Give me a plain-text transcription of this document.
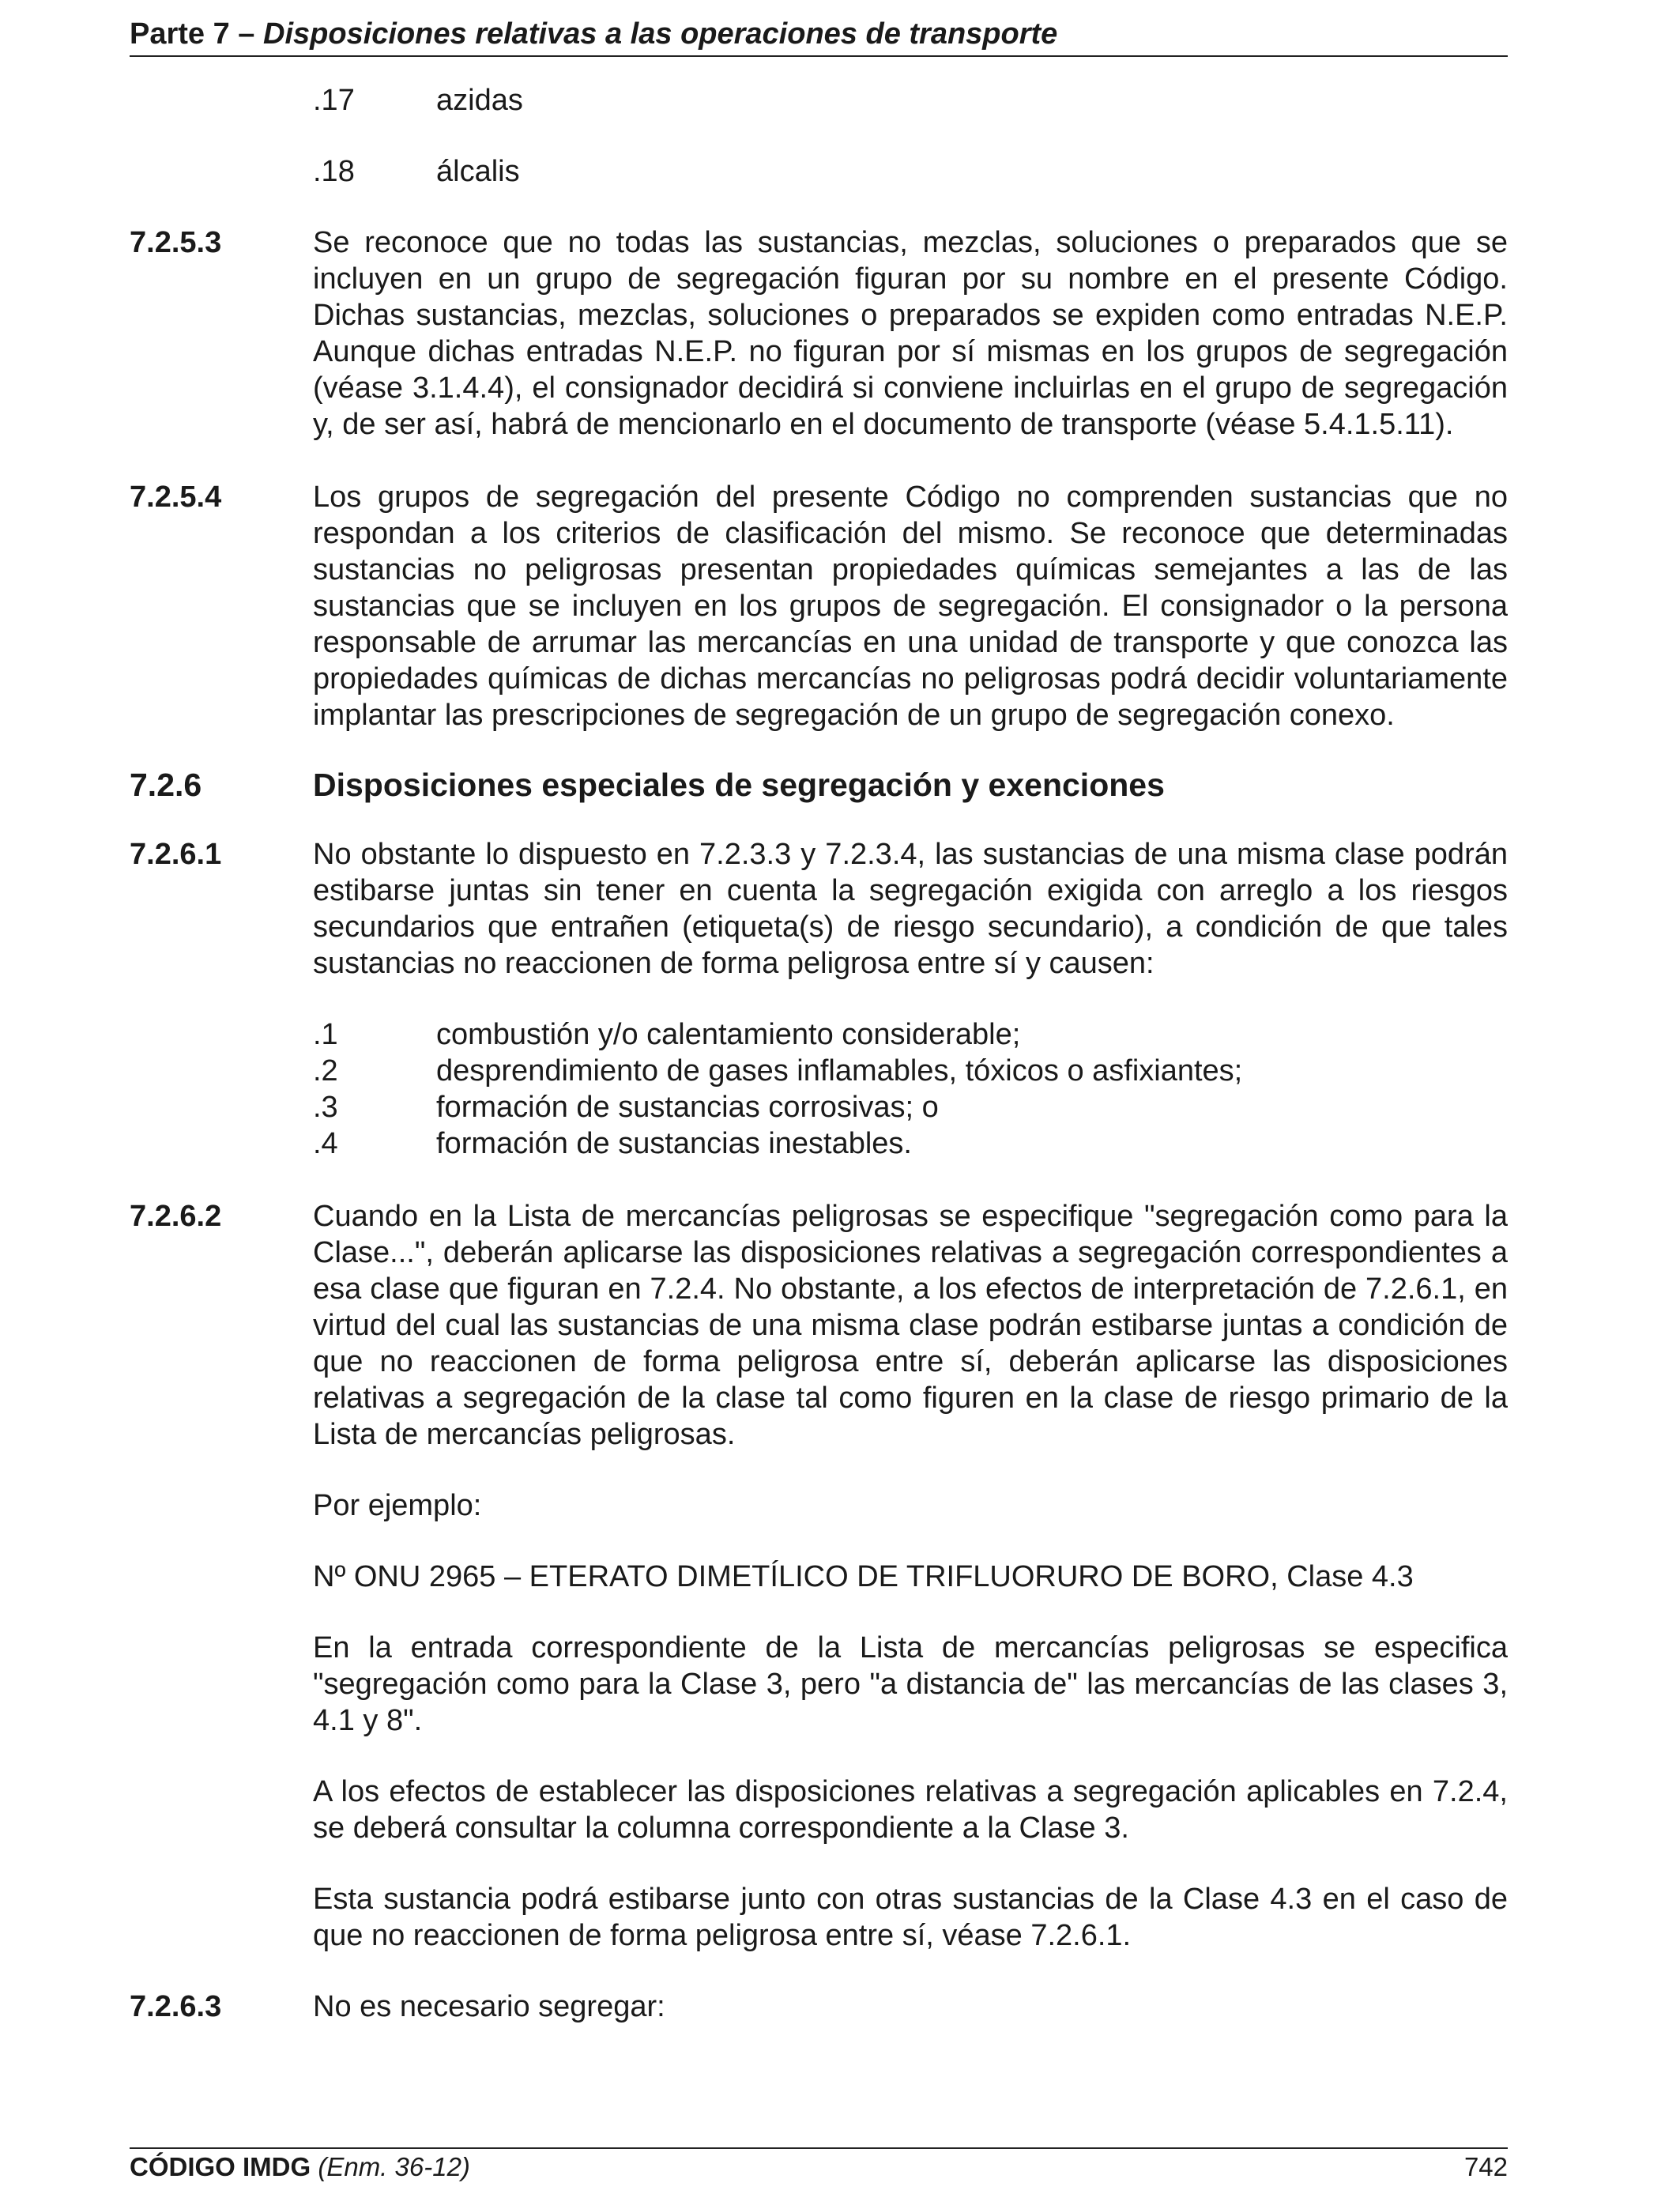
Parte 7 – Disposiciones relativas a las operaciones de transporte
.17	azidas
.18	álcalis
7.2.5.3	Se reconoce que no todas las sustancias, mezclas, soluciones o preparados que se incluyen en un grupo de segregación figuran por su nombre en el presente Código. Dichas sustancias, mezclas, soluciones o preparados se expiden como entradas N.E.P. Aunque dichas entradas N.E.P. no figuran por sí mismas en los grupos de segregación (véase 3.1.4.4), el consignador decidirá si conviene incluirlas en el grupo de segregación y, de ser así, habrá de mencionarlo en el documento de transporte (véase 5.4.1.5.11).
7.2.5.4	Los grupos de segregación del presente Código no comprenden sustancias que no respondan a los criterios de clasificación del mismo. Se reconoce que determinadas sustancias no peligrosas presentan propiedades químicas semejantes a las de las sustancias que se incluyen en los grupos de segregación. El consignador o la persona responsable de arrumar las mercancías en una unidad de transporte y que conozca las propiedades químicas de dichas mercancías no peligrosas podrá decidir voluntariamente implantar las prescripciones de segregación de un grupo de segregación conexo.
7.2.6	Disposiciones especiales de segregación y exenciones
7.2.6.1	No obstante lo dispuesto en 7.2.3.3 y 7.2.3.4, las sustancias de una misma clase podrán estibarse juntas sin tener en cuenta la segregación exigida con arreglo a los riesgos secundarios que entrañen (etiqueta(s) de riesgo secundario), a condición de que tales sustancias no reaccionen de forma peligrosa entre sí y causen:
.1	combustión y/o calentamiento considerable;
.2	desprendimiento de gases inflamables, tóxicos o asfixiantes;
.3	formación de sustancias corrosivas; o
.4	formación de sustancias inestables.
7.2.6.2	Cuando en la Lista de mercancías peligrosas se especifique "segregación como para la Clase...", deberán aplicarse las disposiciones relativas a segregación correspondientes a esa clase que figuran en 7.2.4. No obstante, a los efectos de interpretación de 7.2.6.1, en virtud del cual las sustancias de una misma clase podrán estibarse juntas a condición de que no reaccionen de forma peligrosa entre sí, deberán aplicarse las disposiciones relativas a segregación de la clase tal como figuren en la clase de riesgo primario de la Lista de mercancías peligrosas.
Por ejemplo:
Nº ONU 2965 – ETERATO DIMETÍLICO DE TRIFLUORURO DE BORO, Clase 4.3
En la entrada correspondiente de la Lista de mercancías peligrosas se especifica "segregación como para la Clase 3, pero "a distancia de" las mercancías de las clases 3, 4.1 y 8".
A los efectos de establecer las disposiciones relativas a segregación aplicables en 7.2.4, se deberá consultar la columna correspondiente a la Clase 3.
Esta sustancia podrá estibarse junto con otras sustancias de la Clase 4.3 en el caso de que no reaccionen de forma peligrosa entre sí, véase 7.2.6.1.
7.2.6.3	No es necesario segregar:
CÓDIGO IMDG (Enm. 36-12)	742
